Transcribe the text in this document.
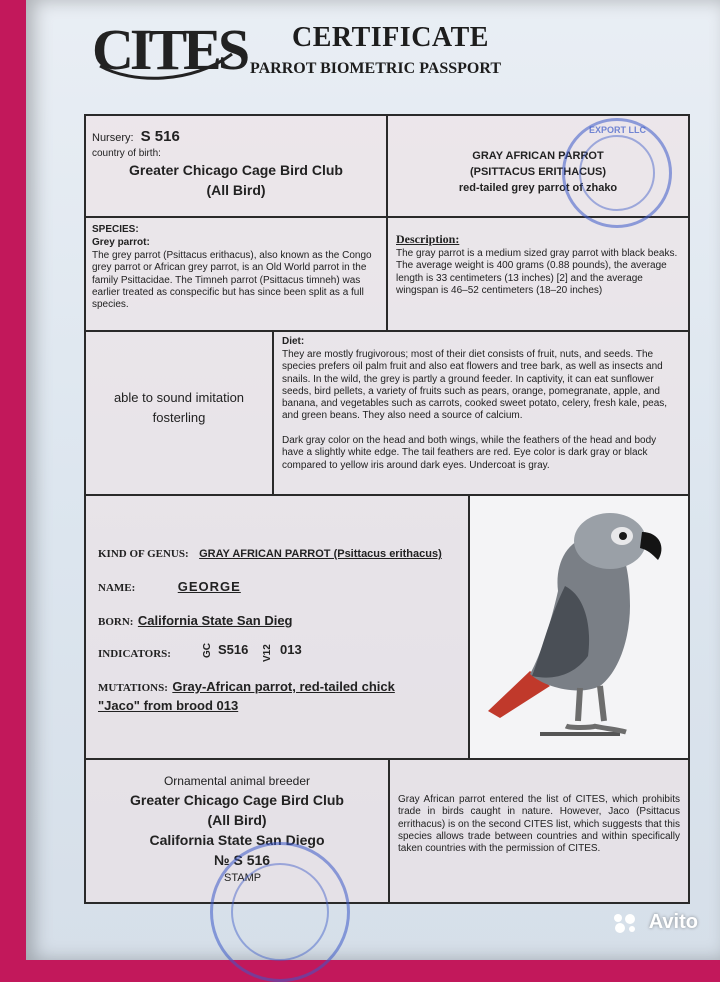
CITES CERTIFICATE
PARROT BIOMETRIC PASSPORT
Nursery: S 516
country of birth:
Greater Chicago Cage Bird Club
(All Bird)
GRAY AFRICAN PARROT
(PSITTACUS ERITHACUS)
red-tailed grey parrot of zhako
SPECIES:
Grey parrot:
The grey parrot (Psittacus erithacus), also known as the Congo grey parrot or African grey parrot, is an Old World parrot in the family Psittacidae. The Timneh parrot (Psittacus timneh) was earlier treated as conspecific but has since been split as a full species.
Description:
The gray parrot is a medium sized gray parrot with black beaks. The average weight is 400 grams (0.88 pounds), the average length is 33 centimeters (13 inches) [2] and the average wingspan is 46–52 centimeters (18–20 inches)
able to sound imitation
fosterling
Diet:
They are mostly frugivorous; most of their diet consists of fruit, nuts, and seeds. The species prefers oil palm fruit and also eat flowers and tree bark, as well as insects and snails. In the wild, the grey is partly a ground feeder. In captivity, it can eat sunflower seeds, bird pellets, a variety of fruits such as pears, orange, pomegranate, apple, and banana, and vegetables such as carrots, cooked sweet potato, celery, fresh kale, peas, and green beans. They also need a source of calcium.
Dark gray color on the head and both wings, while the feathers of the head and body have a slightly white edge. The tail feathers are red. Eye color is dark gray or black compared to yellow iris around dark eyes. Undercoat is gray.
KIND OF GENUS: GRAY AFRICAN PARROT (Psittacus erithacus)
NAME:	GEORGE
BORN: California State San Dieg
INDICATORS:	GC S516 V12 013
MUTATIONS: Gray-African parrot, red-tailed chick
"Jaco" from brood 013
Ornamental animal breeder
Greater Chicago Cage Bird Club
(All Bird)
California State San Diego
№ S 516
STAMP
Gray African parrot entered the list of CITES, which prohibits trade in birds caught in nature. However, Jaco (Psittacus errithacus) is on the second CITES list, which suggests that this species allows trade between countries and within specifically taken countries with the permission of CITES.
EXPORT LLC
Avito
